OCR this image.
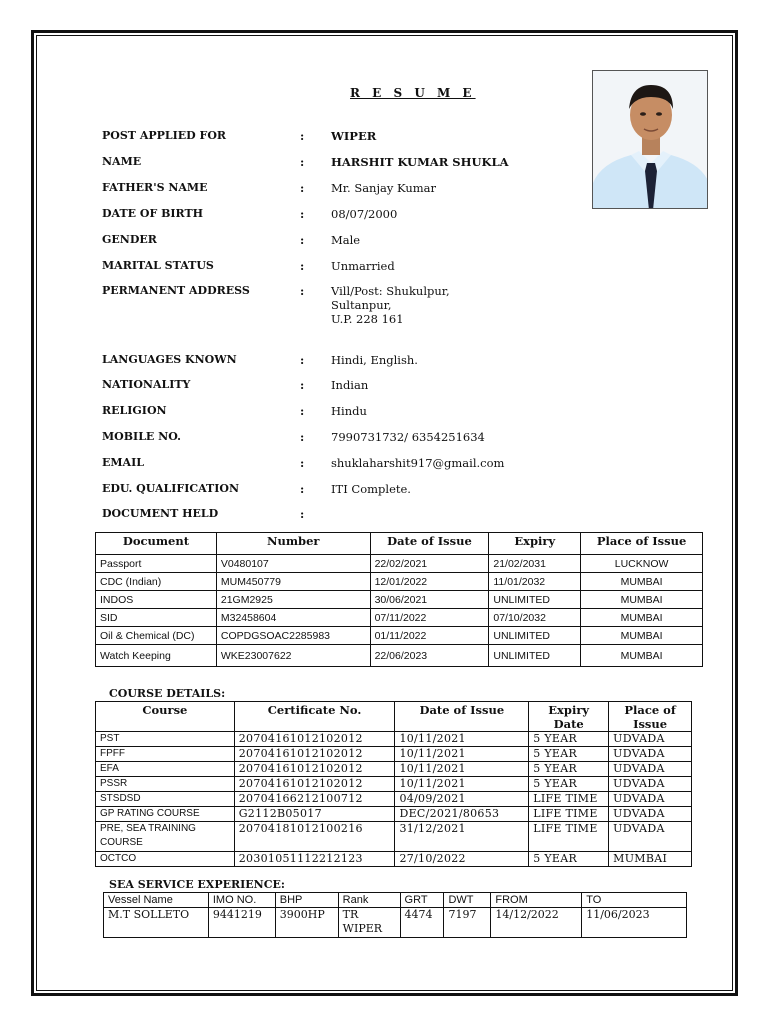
R E S U M E
POST APPLIED FOR	: WIPER
NAME	: HARSHIT KUMAR SHUKLA
FATHER'S NAME	: Mr. Sanjay Kumar
DATE OF BIRTH	: 08/07/2000
GENDER	: Male
MARITAL STATUS	: Unmarried
PERMANENT ADDRESS	: Vill/Post: Shukulpur,
Sultanpur,
U.P. 228 161
LANGUAGES KNOWN	: Hindi, English.
NATIONALITY	: Indian
RELIGION	: Hindu
MOBILE NO.	: 7990731732/ 6354251634
EMAIL	: shuklaharshit917@gmail.com
EDU. QUALIFICATION	: ITI Complete.
DOCUMENT HELD	:
Document	Number	Date of Issue	Expiry	Place of Issue
Passport	V0480107	22/02/2021	21/02/2031	LUCKNOW
CDC (Indian)	MUM450779	12/01/2022	11/01/2032	MUMBAI
INDOS	21GM2925	30/06/2021	UNLIMITED	MUMBAI
SID	M32458604	07/11/2022	07/10/2032	MUMBAI
Oil & Chemical (DC)	COPDGSOAC2285983	01/11/2022	UNLIMITED	MUMBAI
Watch Keeping	WKE23007622	22/06/2023	UNLIMITED	MUMBAI
COURSE DETAILS:
Course	Certificate No.	Date of Issue	Expiry Date	Place of Issue
PST	20704161012102012	10/11/2021	5 YEAR	UDVADA
FPFF	20704161012102012	10/11/2021	5 YEAR	UDVADA
EFA	20704161012102012	10/11/2021	5 YEAR	UDVADA
PSSR	20704161012102012	10/11/2021	5 YEAR	UDVADA
STSDSD	20704166212100712	04/09/2021	LIFE TIME	UDVADA
GP RATING COURSE	G2112B05017	DEC/2021/80653	LIFE TIME	UDVADA
PRE, SEA TRAINING COURSE	20704181012100216	31/12/2021	LIFE TIME	UDVADA
OCTCO	20301051112212123	27/10/2022	5 YEAR	MUMBAI
SEA SERVICE EXPERIENCE:
Vessel Name	IMO NO.	BHP	Rank	GRT	DWT	FROM	TO
M.T SOLLETO	9441219	3900HP	TR WIPER	4474	7197	14/12/2022	11/06/2023
